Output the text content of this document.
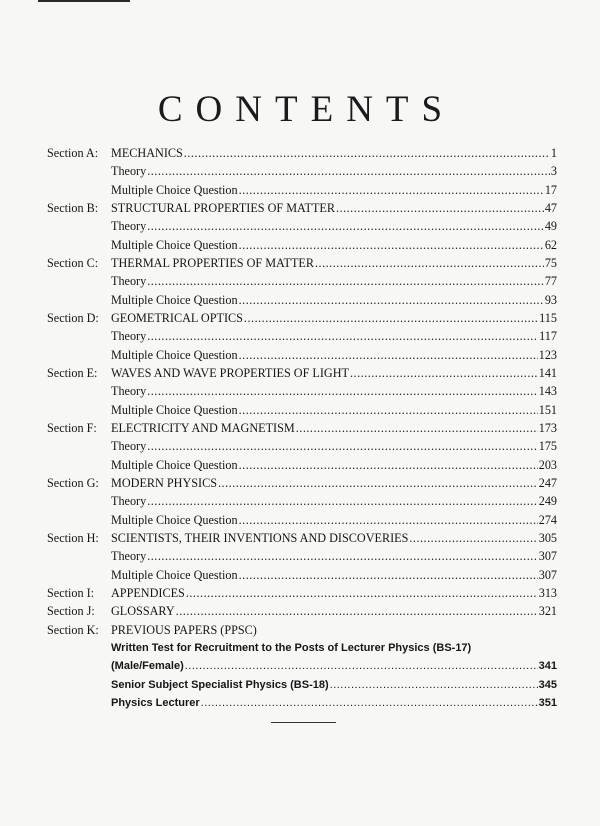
CONTENTS
Section A:	MECHANICS .....	1
Theory .....	3
Multiple Choice Question .....	17
Section B:	STRUCTURAL PROPERTIES OF MATTER .....	47
Theory .....	49
Multiple Choice Question .....	62
Section C:	THERMAL PROPERTIES OF MATTER .....	75
Theory .....	77
Multiple Choice Question .....	93
Section D:	GEOMETRICAL OPTICS .....	115
Theory .....	117
Multiple Choice Question .....	123
Section E:	WAVES AND WAVE PROPERTIES OF LIGHT .....	141
Theory .....	143
Multiple Choice Question .....	151
Section F:	ELECTRICITY AND MAGNETISM .....	173
Theory .....	175
Multiple Choice Question .....	203
Section G:	MODERN PHYSICS .....	247
Theory .....	249
Multiple Choice Question .....	274
Section H:	SCIENTISTS, THEIR INVENTIONS AND DISCOVERIES .....	305
Theory .....	307
Multiple Choice Question .....	307
Section I:	APPENDICES .....	313
Section J:	GLOSSARY .....	321
Section K:	PREVIOUS PAPERS (PPSC)
Written Test for Recruitment to the Posts of Lecturer Physics (BS-17)
(Male/Female) .....	341
Senior Subject Specialist Physics (BS-18) .....	345
Physics Lecturer .....	351
